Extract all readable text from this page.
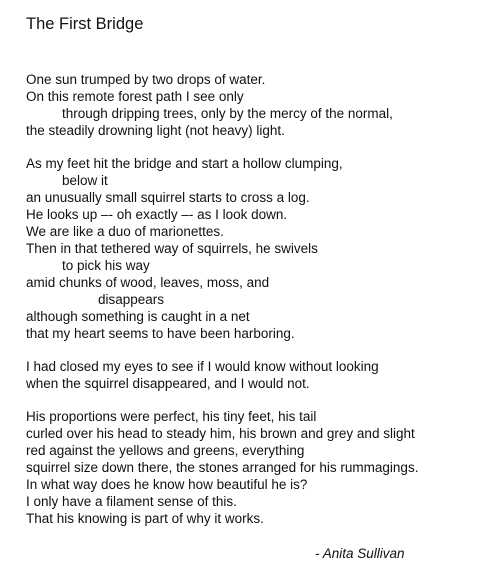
The First Bridge
One sun trumped by two drops of water.
On this remote forest path I see only
through dripping trees, only by the mercy of the normal,
the steadily drowning light (not heavy) light.
As my feet hit the bridge and start a hollow clumping,
below it
an unusually small squirrel starts to cross a log.
He looks up –- oh exactly –- as I look down.
We are like a duo of marionettes.
Then in that tethered way of squirrels, he swivels
to pick his way
amid chunks of wood, leaves, moss, and
disappears
although something is caught in a net
that my heart seems to have been harboring.
I had closed my eyes to see if I would know without looking
when the squirrel disappeared, and I would not.
His proportions were perfect, his tiny feet, his tail
curled over his head to steady him, his brown and grey and slight
red against the yellows and greens, everything
squirrel size down there, the stones arranged for his rummagings.
In what way does he know how beautiful he is?
I only have a filament sense of this.
That his knowing is part of why it works.
- Anita Sullivan
